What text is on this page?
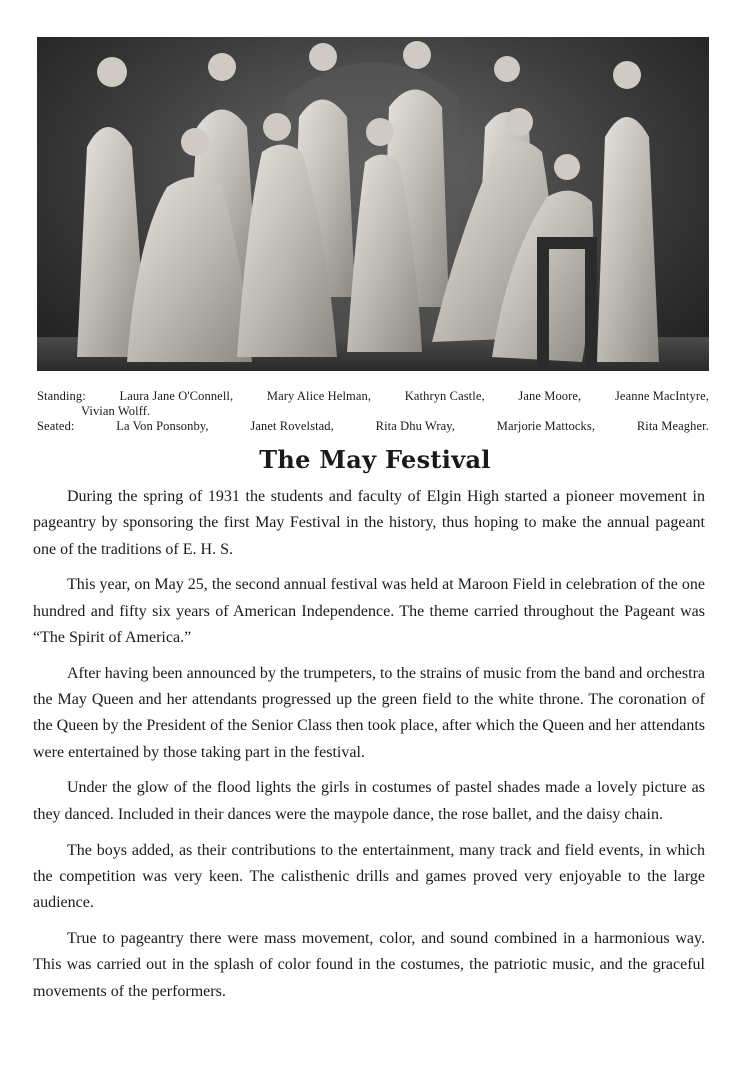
Standing:	Laura Jane O'Connell,	Mary Alice Helman,	Kathryn Castle,	Jane Moore,	Jeanne MacIntyre,
Vivian Wolff.
Seated:	La Von Ponsonby,	Janet Rovelstad,	Rita Dhu Wray,	Marjorie Mattocks,	Rita Meagher.
The May Festival

During the spring of 1931 the students and faculty of Elgin High started a pioneer movement in pageantry by sponsoring the first May Festival in the history, thus hoping to make the annual pageant one of the traditions of E. H. S.

This year, on May 25, the second annual festival was held at Maroon Field in celebration of the one hundred and fifty six years of American Independence. The theme carried throughout the Pageant was “The Spirit of America.”

After having been announced by the trumpeters, to the strains of music from the band and orchestra the May Queen and her attendants progressed up the green field to the white throne. The coronation of the Queen by the President of the Senior Class then took place, after which the Queen and her attendants were entertained by those taking part in the festival.

Under the glow of the flood lights the girls in costumes of pastel shades made a lovely picture as they danced. Included in their dances were the maypole dance, the rose ballet, and the daisy chain.

The boys added, as their contributions to the entertainment, many track and field events, in which the competition was very keen. The calisthenic drills and games proved very enjoyable to the large audience.

True to pageantry there were mass movement, color, and sound combined in a harmonious way. This was carried out in the splash of color found in the costumes, the patriotic music, and the graceful movements of the performers.
